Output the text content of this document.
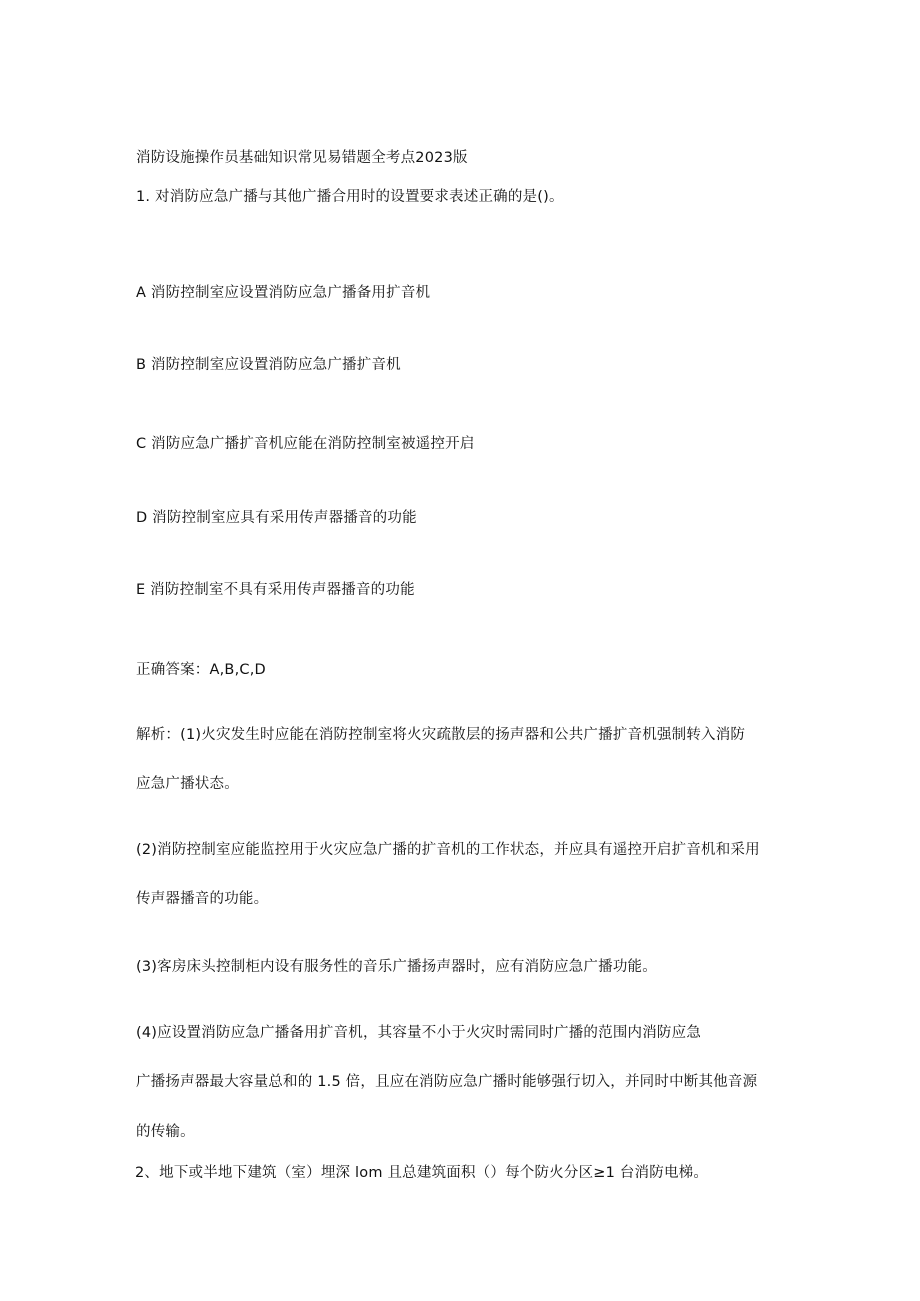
消防设施操作员基础知识常见易错题全考点2023版
1. 对消防应急广播与其他广播合用时的设置要求表述正确的是()。
A 消防控制室应设置消防应急广播备用扩音机
B 消防控制室应设置消防应急广播扩音机
C 消防应急广播扩音机应能在消防控制室被遥控开启
D 消防控制室应具有采用传声器播音的功能
E 消防控制室不具有采用传声器播音的功能
正确答案：A,B,C,D
解析：(1)火灾发生时应能在消防控制室将火灾疏散层的扬声器和公共广播扩音机强制转入消防
应急广播状态。
(2)消防控制室应能监控用于火灾应急广播的扩音机的工作状态，并应具有遥控开启扩音机和采用
传声器播音的功能。
(3)客房床头控制柜内设有服务性的音乐广播扬声器时，应有消防应急广播功能。
(4)应设置消防应急广播备用扩音机，其容量不小于火灾时需同时广播的范围内消防应急
广播扬声器最大容量总和的 1.5 倍，且应在消防应急广播时能够强行切入，并同时中断其他音源
的传输。
2、地下或半地下建筑（室）埋深 lom 且总建筑面积（）每个防火分区≥1 台消防电梯。
